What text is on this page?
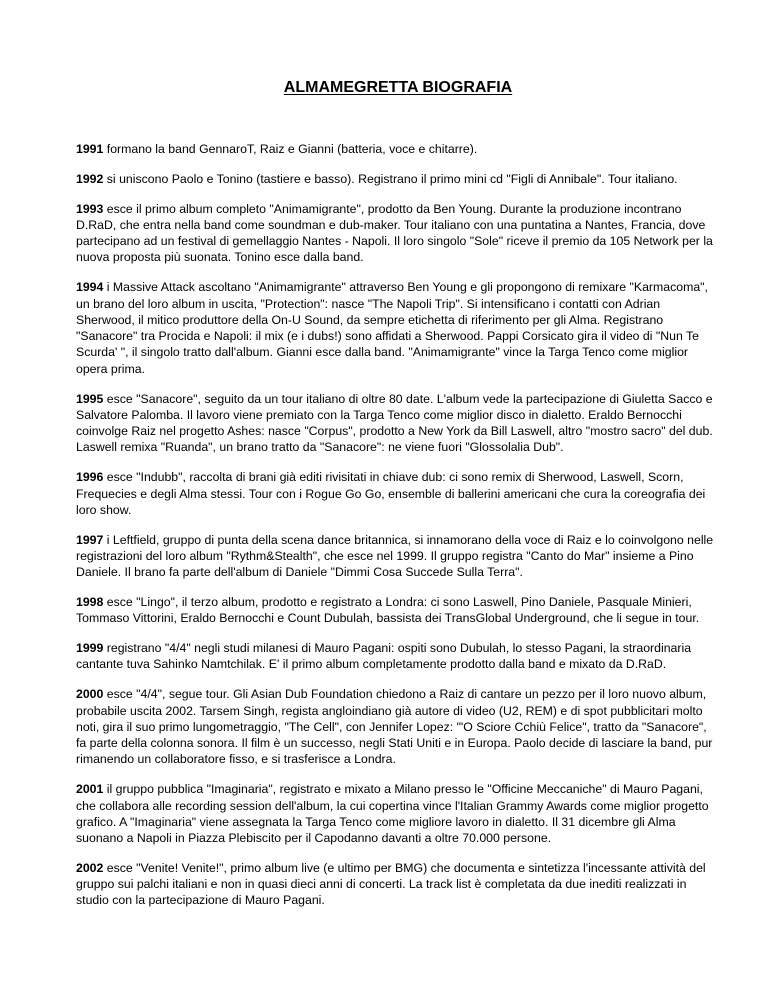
ALMAMEGRETTA BIOGRAFIA

1991 formano la band GennaroT, Raiz e Gianni (batteria, voce e chitarre).

1992 si uniscono Paolo e Tonino (tastiere e basso). Registrano il primo mini cd "Figli di Annibale". Tour italiano.

1993 esce il primo album completo "Animamigrante", prodotto da Ben Young. Durante la produzione incontrano D.RaD, che entra nella band come soundman e dub-maker. Tour italiano con una puntatina a Nantes, Francia, dove partecipano ad un festival di gemellaggio Nantes - Napoli. Il loro singolo "Sole" riceve il premio da 105 Network per la nuova proposta più suonata. Tonino esce dalla band.

1994 i Massive Attack ascoltano "Animamigrante" attraverso Ben Young e gli propongono di remixare "Karmacoma", un brano del loro album in uscita, "Protection": nasce "The Napoli Trip". Si intensificano i contatti con Adrian Sherwood, il mitico produttore della On-U Sound, da sempre etichetta di riferimento per gli Alma. Registrano "Sanacore" tra Procida e Napoli: il mix (e i dubs!) sono affidati a Sherwood. Pappi Corsicato gira il video di "Nun Te Scurda' ", il singolo tratto dall'album. Gianni esce dalla band. "Animamigrante" vince la Targa Tenco come miglior opera prima.

1995 esce "Sanacore", seguito da un tour italiano di oltre 80 date. L'album vede la partecipazione di Giuletta Sacco e Salvatore Palomba. Il lavoro viene premiato con la Targa Tenco come miglior disco in dialetto. Eraldo Bernocchi coinvolge Raiz nel progetto Ashes: nasce "Corpus", prodotto a New York da Bill Laswell, altro "mostro sacro" del dub. Laswell remixa "Ruanda", un brano tratto da "Sanacore": ne viene fuori "Glossolalia Dub".

1996 esce "Indubb", raccolta di brani già editi rivisitati in chiave dub: ci sono remix di Sherwood, Laswell, Scorn, Frequecies e degli Alma stessi. Tour con i Rogue Go Go, ensemble di ballerini americani che cura la coreografia dei loro show.

1997 i Leftfield, gruppo di punta della scena dance britannica, si innamorano della voce di Raiz e lo coinvolgono nelle registrazioni del loro album "Rythm&Stealth", che esce nel 1999. Il gruppo registra "Canto do Mar" insieme a Pino Daniele. Il brano fa parte dell'album di Daniele "Dimmi Cosa Succede Sulla Terra".

1998 esce "Lingo", il terzo album, prodotto e registrato a Londra: ci sono Laswell, Pino Daniele, Pasquale Minieri, Tommaso Vittorini, Eraldo Bernocchi e Count Dubulah, bassista dei TransGlobal Underground, che li segue in tour.

1999 registrano "4/4" negli studi milanesi di Mauro Pagani: ospiti sono Dubulah, lo stesso Pagani, la straordinaria cantante tuva Sahinko Namtchilak. E' il primo album completamente prodotto dalla band e mixato da D.RaD.

2000 esce "4/4", segue tour. Gli Asian Dub Foundation chiedono a Raiz di cantare un pezzo per il loro nuovo album, probabile uscita 2002. Tarsem Singh, regista angloindiano già autore di video (U2, REM) e di spot pubblicitari molto noti, gira il suo primo lungometraggio, "The Cell", con Jennifer Lopez: "'O Sciore Cchiù Felice", tratto da "Sanacore", fa parte della colonna sonora. Il film è un successo, negli Stati Uniti e in Europa. Paolo decide di lasciare la band, pur rimanendo un collaboratore fisso, e si trasferisce a Londra.

2001 il gruppo pubblica "Imaginaria", registrato e mixato a Milano presso le "Officine Meccaniche" di Mauro Pagani, che collabora alle recording session dell'album, la cui copertina vince l'Italian Grammy Awards come miglior progetto grafico. A "Imaginaria" viene assegnata la Targa Tenco come migliore lavoro in dialetto. Il 31 dicembre gli Alma suonano a Napoli in Piazza Plebiscito per il Capodanno davanti a oltre 70.000 persone.

2002 esce "Venite! Venite!", primo album live (e ultimo per BMG) che documenta e sintetizza l'incessante attività del gruppo sui palchi italiani e non in quasi dieci anni di concerti. La track list è completata da due inediti realizzati in studio con la partecipazione di Mauro Pagani.
